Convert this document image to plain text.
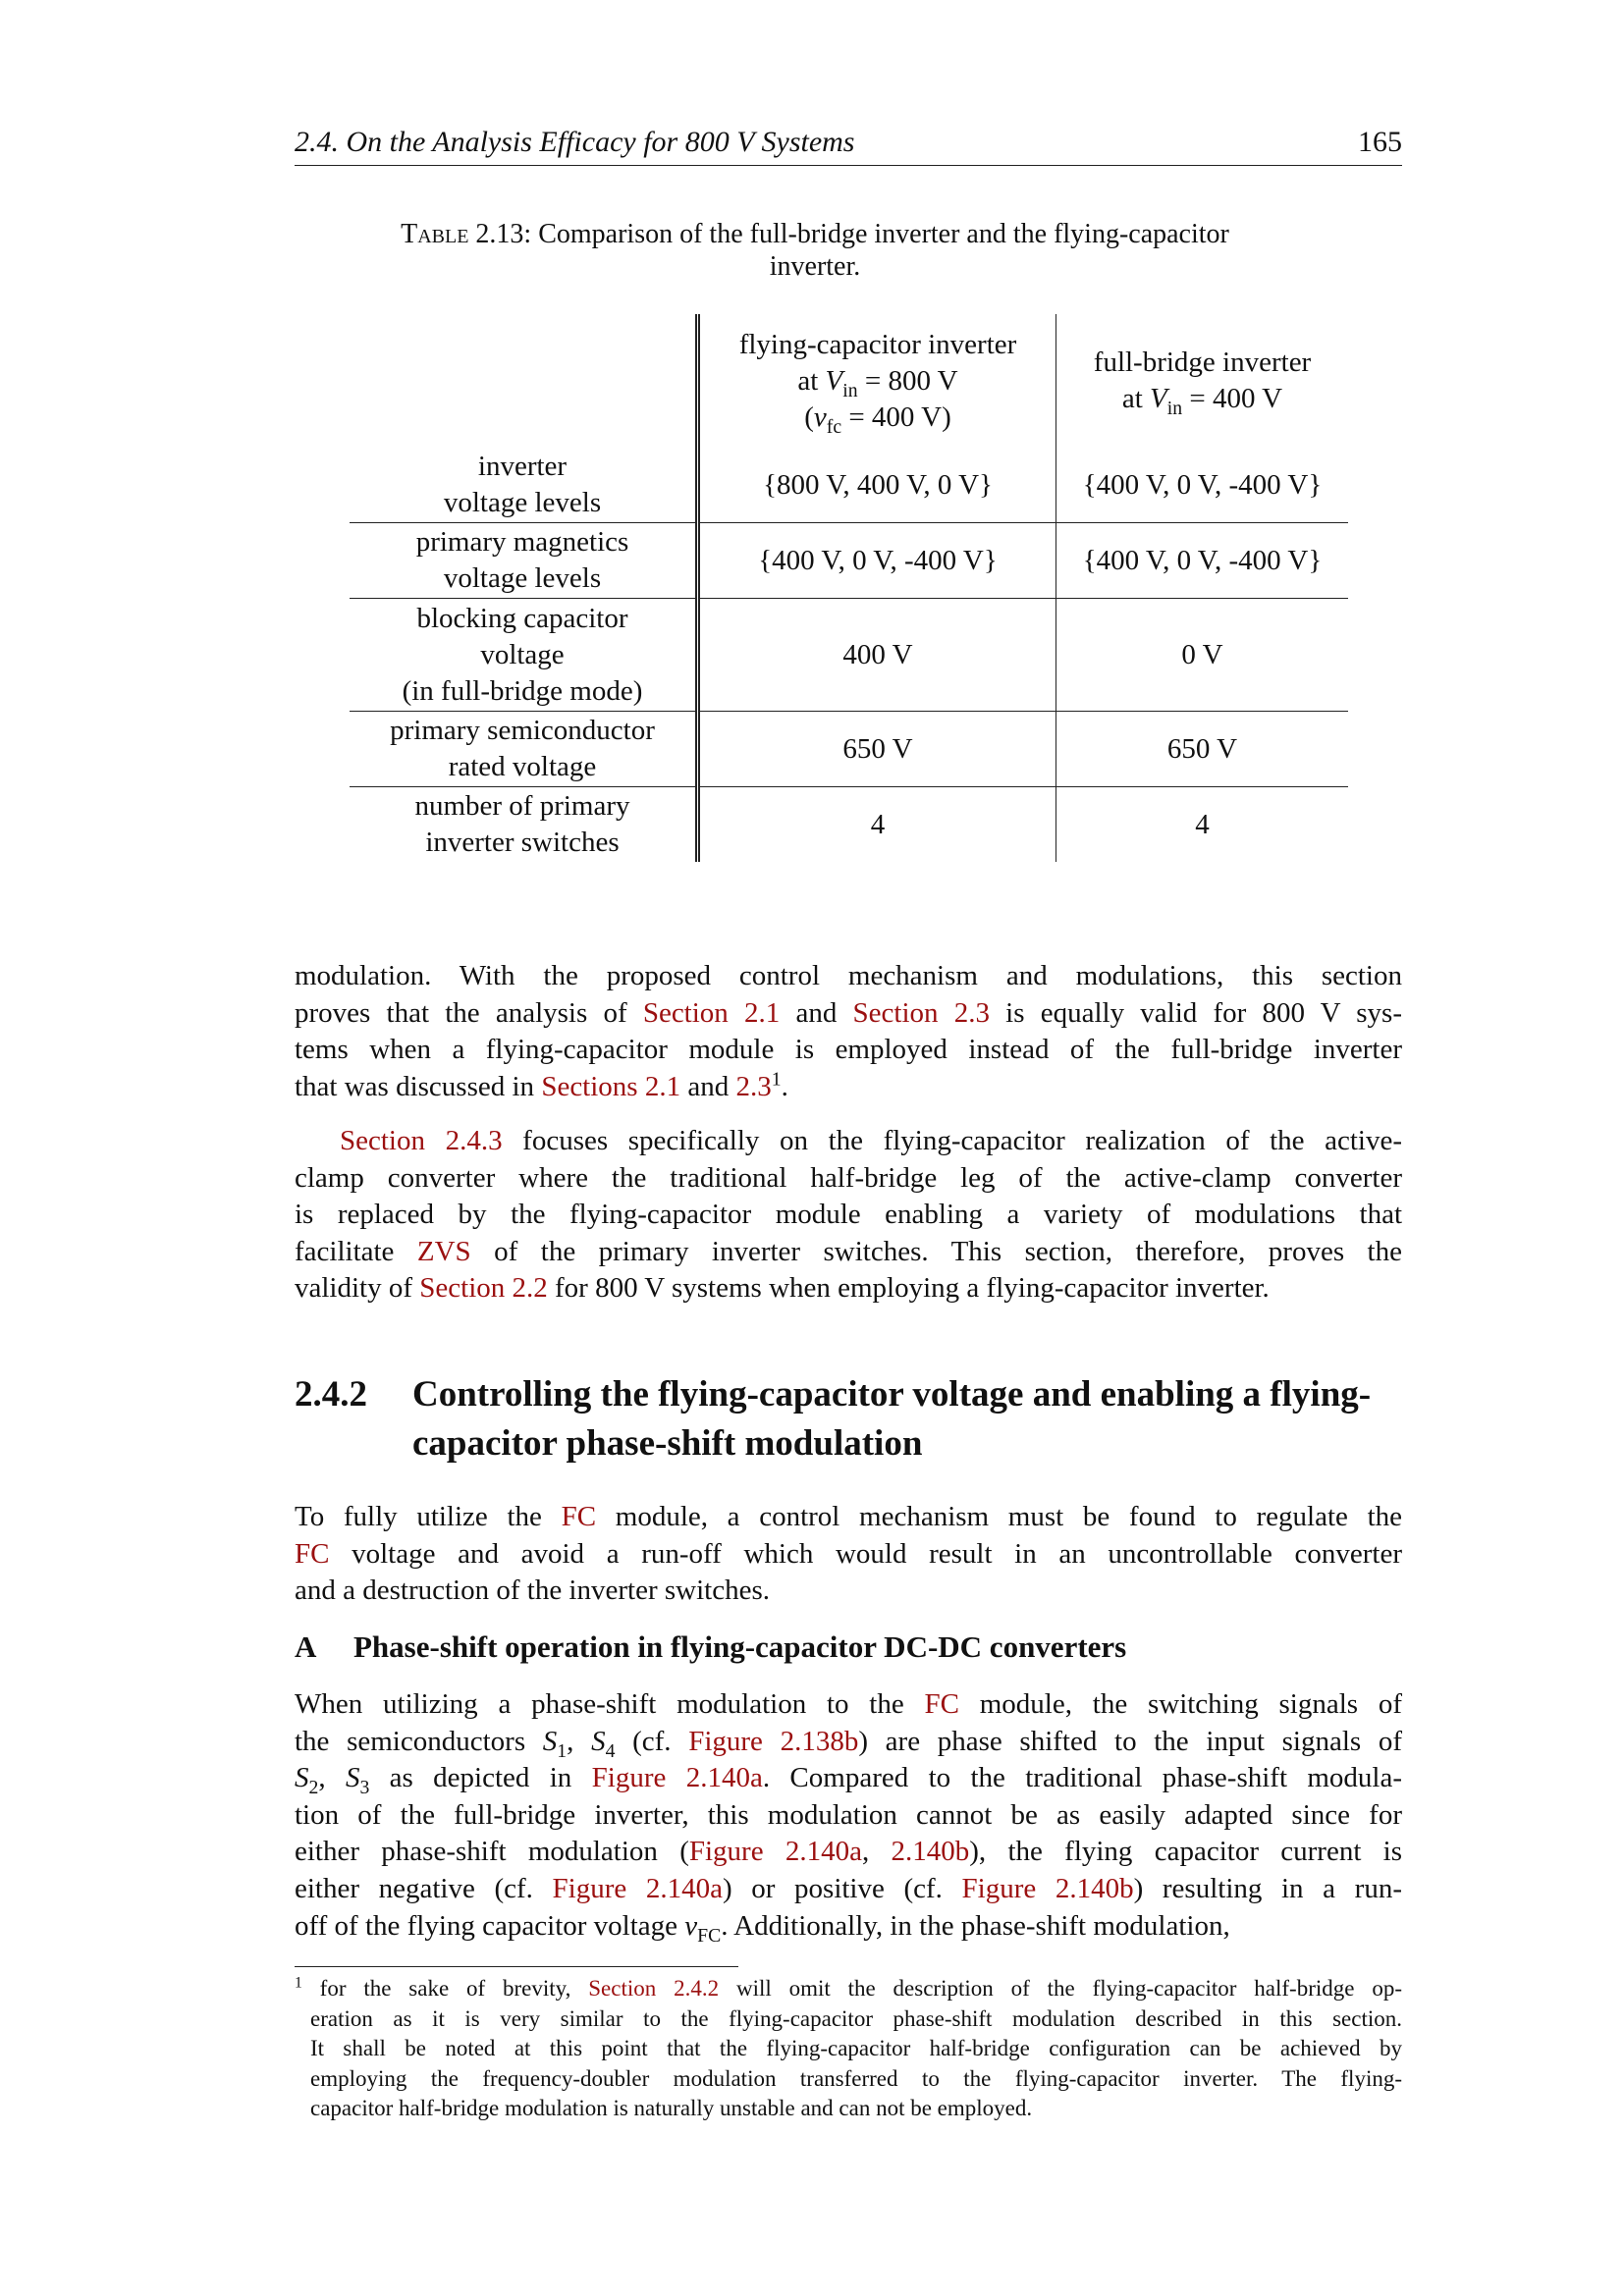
2.4. On the Analysis Efficacy for 800 V Systems	165
Table 2.13: Comparison of the full-bridge inverter and the flying-capacitor inverter.
	flying-capacitor inverter
at $V_{in} = 800$ V
($v_{fc} = 400$ V)	full-bridge inverter
at $V_{in} = 400$ V
inverter
voltage levels	{800 V, 400 V, 0 V}	{400 V, 0 V, -400 V}
primary magnetics
voltage levels	{400 V, 0 V, -400 V}	{400 V, 0 V, -400 V}
blocking capacitor
voltage
(in full-bridge mode)	400 V	0 V
primary semiconductor
rated voltage	650 V	650 V
number of primary
inverter switches	4	4
modulation. With the proposed control mechanism and modulations, this section
proves that the analysis of Section 2.1 and Section 2.3 is equally valid for 800 V sys-
tems when a flying-capacitor module is employed instead of the full-bridge inverter
that was discussed in Sections 2.1 and $2.3^1$.
Section 2.4.3 focuses specifically on the flying-capacitor realization of the active-
clamp converter where the traditional half-bridge leg of the active-clamp converter
is replaced by the flying-capacitor module enabling a variety of modulations that
facilitate ZVS of the primary inverter switches. This section, therefore, proves the
validity of Section 2.2 for 800 V systems when employing a flying-capacitor inverter.
2.4.2 Controlling the flying-capacitor voltage and enabling a flying-capacitor phase-shift modulation
To fully utilize the FC module, a control mechanism must be found to regulate the
FC voltage and avoid a run-off which would result in an uncontrollable converter
and a destruction of the inverter switches.
A Phase-shift operation in flying-capacitor DC-DC converters
When utilizing a phase-shift modulation to the FC module, the switching signals of
the semiconductors $S_1$, $S_4$ (cf. Figure 2.138b) are phase shifted to the input signals of
$S_2$, $S_3$ as depicted in Figure 2.140a. Compared to the traditional phase-shift modula-
tion of the full-bridge inverter, this modulation cannot be as easily adapted since for
either phase-shift modulation (Figure 2.140a, 2.140b), the flying capacitor current is
either negative (cf. Figure 2.140a) or positive (cf. Figure 2.140b) resulting in a run-
off of the flying capacitor voltage $v_{FC}$. Additionally, in the phase-shift modulation,
$^1$ for the sake of brevity, Section 2.4.2 will omit the description of the flying-capacitor half-bridge op-
eration as it is very similar to the flying-capacitor phase-shift modulation described in this section.
It shall be noted at this point that the flying-capacitor half-bridge configuration can be achieved by
employing the frequency-doubler modulation transferred to the flying-capacitor inverter. The flying-
capacitor half-bridge modulation is naturally unstable and can not be employed.
